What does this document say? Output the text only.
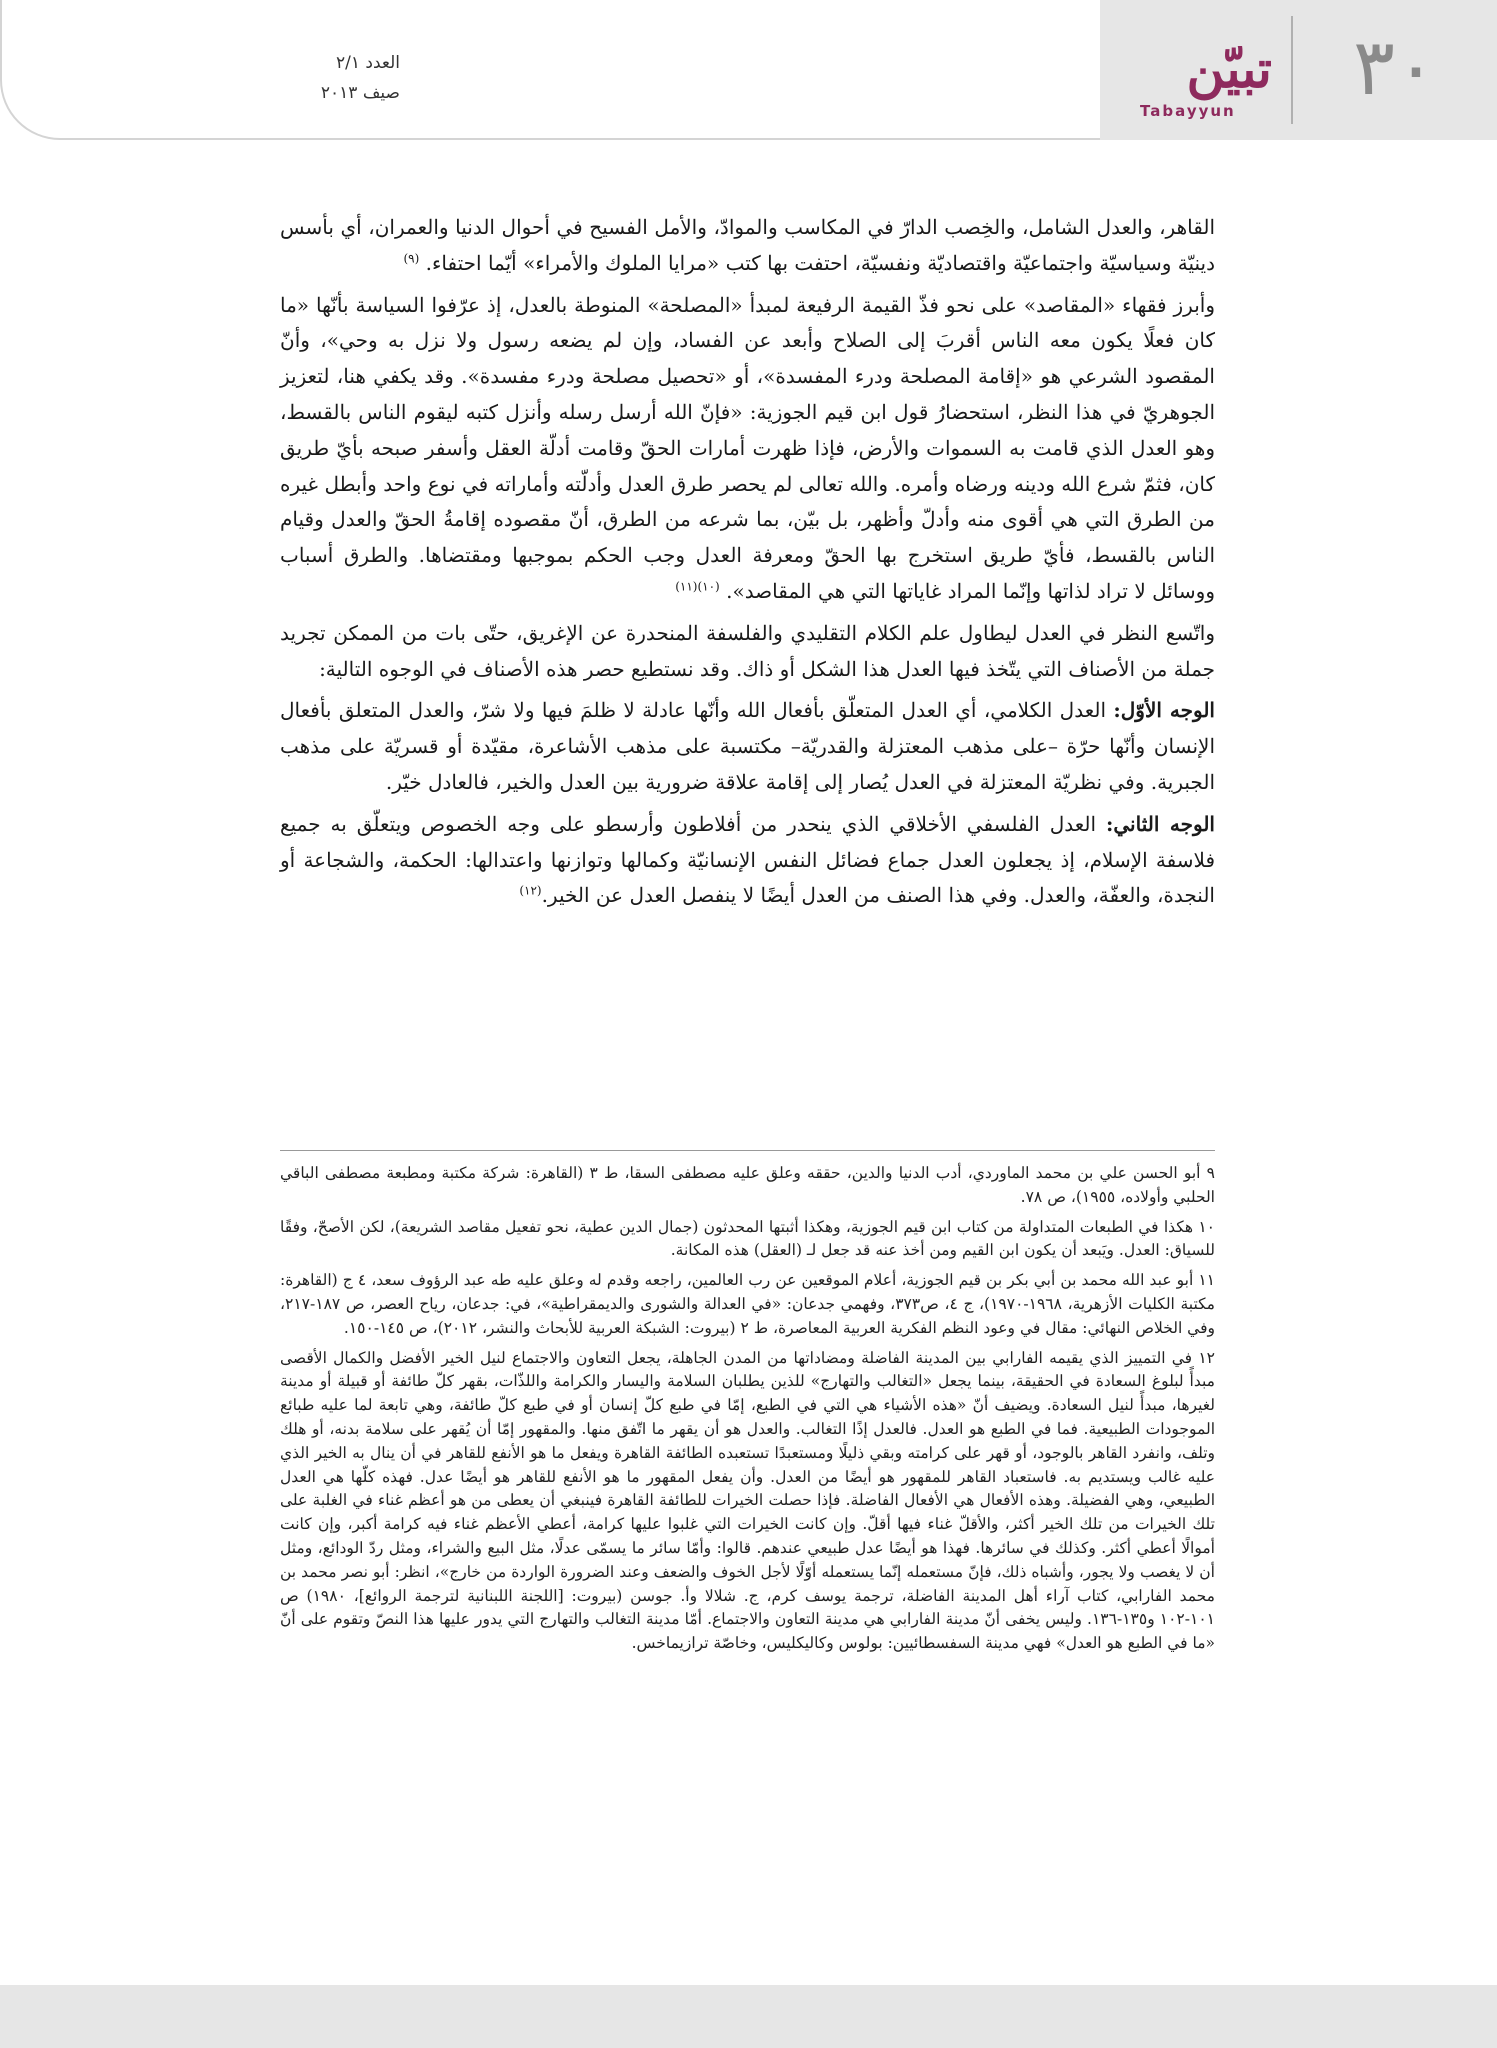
العدد ٢/١
صيف ٢٠١٣	تبيّن
Tabayyun	٣٠

القاهر، والعدل الشامل، والخِصب الدارّ في المكاسب والموادّ، والأمل الفسيح في أحوال الدنيا والعمران، أي بأسس دينيّة وسياسيّة واجتماعيّة واقتصاديّة ونفسيّة، احتفت بها كتب «مرايا الملوك والأمراء» أيّما احتفاء. $^{(٩)}$

وأبرز فقهاء «المقاصد» على نحو فذّ القيمة الرفيعة لمبدأ «المصلحة» المنوطة بالعدل، إذ عرّفوا السياسة بأنّها «ما كان فعلًا يكون معه الناس أقربَ إلى الصلاح وأبعد عن الفساد، وإن لم يضعه رسول ولا نزل به وحي»، وأنّ المقصود الشرعي هو «إقامة المصلحة ودرء المفسدة»، أو «تحصيل مصلحة ودرء مفسدة». وقد يكفي هنا، لتعزيز الجوهريّ في هذا النظر، استحضارُ قول ابن قيم الجوزية: «فإنّ الله أرسل رسله وأنزل كتبه ليقوم الناس بالقسط، وهو العدل الذي قامت به السموات والأرض، فإذا ظهرت أمارات الحقّ وقامت أدلّة العقل وأسفر صبحه بأيّ طريق كان، فثمّ شرع الله ودينه ورضاه وأمره. والله تعالى لم يحصر طرق العدل وأدلّته وأماراته في نوع واحد وأبطل غيره من الطرق التي هي أقوى منه وأدلّ وأظهر، بل بيّن، بما شرعه من الطرق، أنّ مقصوده إقامةُ الحقّ والعدل وقيام الناس بالقسط، فأيّ طريق استخرج بها الحقّ ومعرفة العدل وجب الحكم بموجبها ومقتضاها. والطرق أسباب ووسائل لا تراد لذاتها وإنّما المراد غاياتها التي هي المقاصد». $^{(١٠)(١١)}$

واتّسع النظر في العدل ليطاول علم الكلام التقليدي والفلسفة المنحدرة عن الإغريق، حتّى بات من الممكن تجريد جملة من الأصناف التي يتّخذ فيها العدل هذا الشكل أو ذاك. وقد نستطيع حصر هذه الأصناف في الوجوه التالية:

الوجه الأوّل: العدل الكلامي، أي العدل المتعلّق بأفعال الله وأنّها عادلة لا ظلمَ فيها ولا شرّ، والعدل المتعلق بأفعال الإنسان وأنّها حرّة –على مذهب المعتزلة والقدريّة– مكتسبة على مذهب الأشاعرة، مقيّدة أو قسريّة على مذهب الجبرية. وفي نظريّة المعتزلة في العدل يُصار إلى إقامة علاقة ضرورية بين العدل والخير، فالعادل خيّر.

الوجه الثاني: العدل الفلسفي الأخلاقي الذي ينحدر من أفلاطون وأرسطو على وجه الخصوص ويتعلّق به جميع فلاسفة الإسلام، إذ يجعلون العدل جماع فضائل النفس الإنسانيّة وكمالها وتوازنها واعتدالها: الحكمة، والشجاعة أو النجدة، والعفّة، والعدل. وفي هذا الصنف من العدل أيضًا لا ينفصل العدل عن الخير.$^{(١٢)}$

٩ أبو الحسن علي بن محمد الماوردي، أدب الدنيا والدين، حققه وعلق عليه مصطفى السقا، ط ٣ (القاهرة: شركة مكتبة ومطبعة مصطفى الباقي الحلبي وأولاده، ١٩٥٥)، ص ٧٨.

١٠ هكذا في الطبعات المتداولة من كتاب ابن قيم الجوزية، وهكذا أثبتها المحدثون (جمال الدين عطية، نحو تفعيل مقاصد الشريعة)، لكن الأصحّ، وفقًا للسياق: العدل. ويَبعد أن يكون ابن القيم ومن أخذ عنه قد جعل لـ (العقل) هذه المكانة.

١١ أبو عبد الله محمد بن أبي بكر بن قيم الجوزية، أعلام الموقعين عن رب العالمين، راجعه وقدم له وعلق عليه طه عبد الرؤوف سعد، ٤ ج (القاهرة: مكتبة الكليات الأزهرية، ١٩٦٨-١٩٧٠)، ج ٤، ص٣٧٣، وفهمي جدعان: «في العدالة والشورى والديمقراطية»، في: جدعان، رياح العصر، ص ١٨٧-٢١٧، وفي الخلاص النهائي: مقال في وعود النظم الفكرية العربية المعاصرة، ط ٢ (بيروت: الشبكة العربية للأبحاث والنشر، ٢٠١٢)، ص ١٤٥-١٥٠.

١٢ في التمييز الذي يقيمه الفارابي بين المدينة الفاضلة ومضاداتها من المدن الجاهلة، يجعل التعاون والاجتماع لنيل الخير الأفضل والكمال الأقصى مبدأً لبلوغ السعادة في الحقيقة، بينما يجعل «التغالب والتهارج» للذين يطلبان السلامة واليسار والكرامة واللذّات، بقهر كلّ طائفة أو قبيلة أو مدينة لغيرها، مبدأً لنيل السعادة. ويضيف أنّ «هذه الأشياء هي التي في الطبع، إمّا في طبع كلّ إنسان أو في طبع كلّ طائفة، وهي تابعة لما عليه طبائع الموجودات الطبيعية. فما في الطبع هو العدل. فالعدل إذًا التغالب. والعدل هو أن يقهر ما اتّفق منها. والمقهور إمّا أن يُقهر على سلامة بدنه، أو هلك وتلف، وانفرد القاهر بالوجود، أو قهر على كرامته وبقي ذليلًا ومستعبدًا تستعبده الطائفة القاهرة ويفعل ما هو الأنفع للقاهر في أن ينال به الخير الذي عليه غالب ويستديم به. فاستعباد القاهر للمقهور هو أيضًا من العدل. وأن يفعل المقهور ما هو الأنفع للقاهر هو أيضًا عدل. فهذه كلّها هي العدل الطبيعي، وهي الفضيلة. وهذه الأفعال هي الأفعال الفاضلة. فإذا حصلت الخيرات للطائفة القاهرة فينبغي أن يعطى من هو أعظم غناء في الغلبة على تلك الخيرات من تلك الخير أكثر، والأقلّ غناء فيها أقلّ. وإن كانت الخيرات التي غلبوا عليها كرامة، أعطي الأعظم غناء فيه كرامة أكبر، وإن كانت أموالًا أعطي أكثر. وكذلك في سائرها. فهذا هو أيضًا عدل طبيعي عندهم. قالوا: وأمّا سائر ما يسمّى عدلًا، مثل البيع والشراء، ومثل ردّ الودائع، ومثل أن لا يغصب ولا يجور، وأشباه ذلك، فإنّ مستعمله إنّما يستعمله أوّلًا لأجل الخوف والضعف وعند الضرورة الواردة من خارج»، انظر: أبو نصر محمد بن محمد الفارابي، كتاب آراء أهل المدينة الفاضلة، ترجمة يوسف كرم، ج. شلالا وأ. جوسن (بيروت: [اللجنة اللبنانية لترجمة الروائع]، ١٩٨٠) ص ١٠١-١٠٢ و١٣٥-١٣٦. وليس يخفى أنّ مدينة الفارابي هي مدينة التعاون والاجتماع. أمّا مدينة التغالب والتهارج التي يدور عليها هذا النصّ وتقوم على أنّ «ما في الطبع هو العدل» فهي مدينة السفسطائيين: بولوس وكاليكليس، وخاصّة ترازيماخس.
